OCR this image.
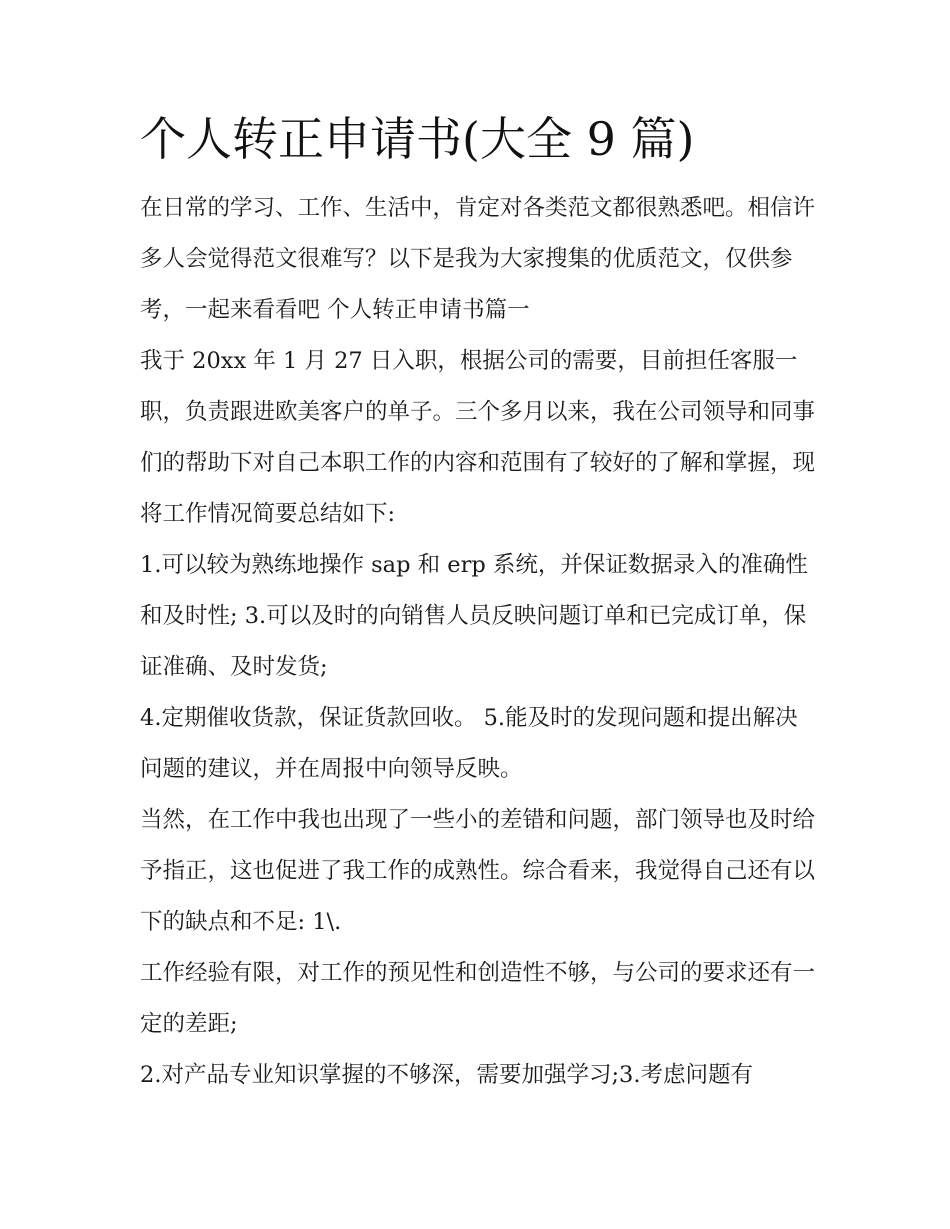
个人转正申请书(大全 9 篇)

在日常的学习、工作、生活中，肯定对各类范文都很熟悉吧。相信许多人会觉得范文很难写？以下是我为大家搜集的优质范文，仅供参考，一起来看看吧 个人转正申请书篇一

我于 20xx 年 1 月 27 日入职，根据公司的需要，目前担任客服一职，负责跟进欧美客户的单子。三个多月以来，我在公司领导和同事们的帮助下对自己本职工作的内容和范围有了较好的了解和掌握，现将工作情况简要总结如下:

1.可以较为熟练地操作 sap 和 erp 系统，并保证数据录入的准确性和及时性; 3.可以及时的向销售人员反映问题订单和已完成订单，保证准确、及时发货;

4.定期催收货款，保证货款回收。 5.能及时的发现问题和提出解决问题的建议，并在周报中向领导反映。

当然，在工作中我也出现了一些小的差错和问题，部门领导也及时给予指正，这也促进了我工作的成熟性。综合看来，我觉得自己还有以下的缺点和不足: 1\.

工作经验有限，对工作的预见性和创造性不够，与公司的要求还有一定的差距;

2.对产品专业知识掌握的不够深，需要加强学习;3.考虑问题有
